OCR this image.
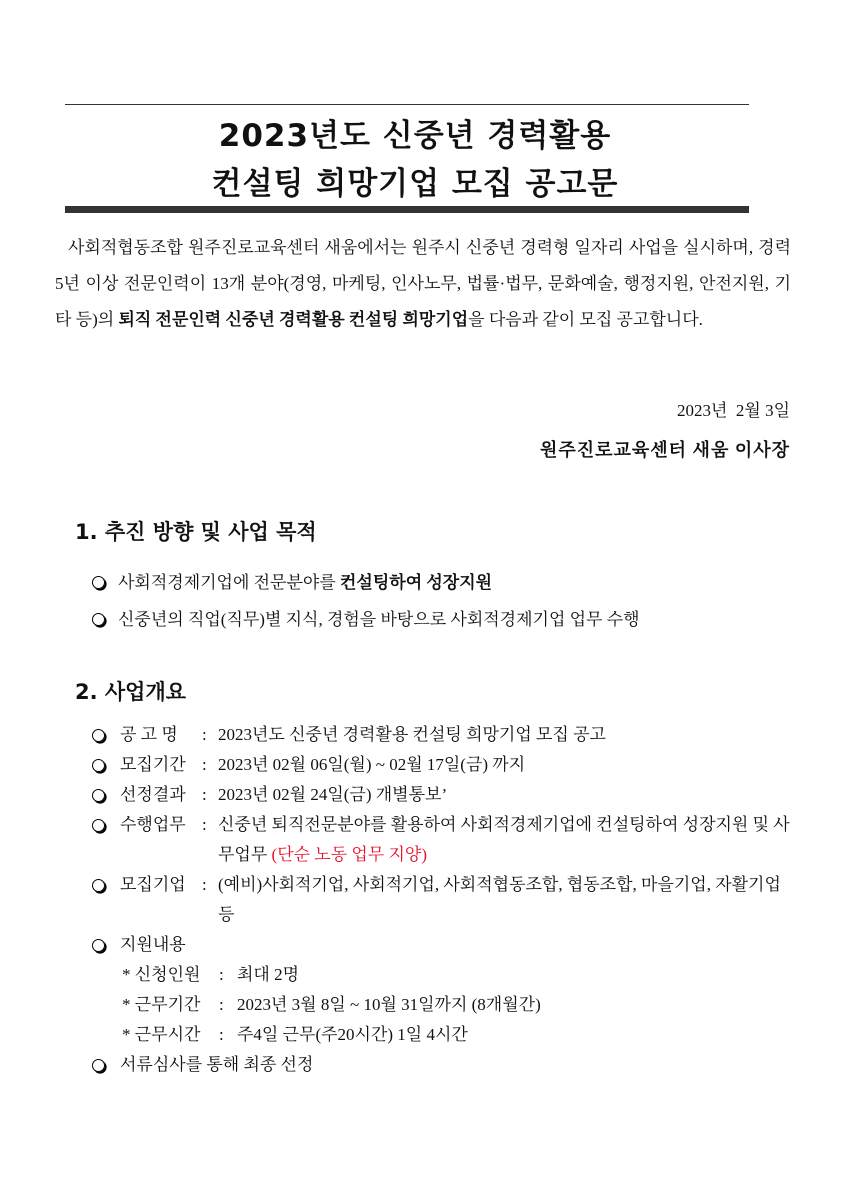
2023년도 신중년 경력활용
컨설팅 희망기업 모집 공고문
사회적협동조합 원주진로교육센터 새움에서는 원주시 신중년 경력형 일자리 사업을 실시하며, 경력 5년 이상 전문인력이 13개 분야(경영, 마케팅, 인사노무, 법률·법무, 문화예술, 행정지원, 안전지원, 기타 등)의 퇴직 전문인력 신중년 경력활용 컨설팅 희망기업을 다음과 같이 모집 공고합니다.
2023년  2월 3일
원주진로교육센터 새움 이사장
1. 추진 방향 및 사업 목적
사회적경제기업에 전문분야를 컨설팅하여 성장지원
신중년의 직업(직무)별 지식, 경험을 바탕으로 사회적경제기업 업무 수행
2. 사업개요
공 고 명	: 2023년도 신중년 경력활용 컨설팅 희망기업 모집 공고
모집기간 : 2023년 02월 06일(월) ~ 02월 17일(금) 까지
선정결과 : 2023년 02월 24일(금) 개별통보’
수행업무 : 신중년 퇴직전문분야를 활용하여 사회적경제기업에 컨설팅하여 성장지원 및 사무업무 (단순 노동 업무 지양)
모집기업 : (예비)사회적기업, 사회적기업, 사회적협동조합, 협동조합, 마을기업, 자활기업 등
지원내용
* 신청인원	: 최대 2명
* 근무기간	: 2023년 3월 8일 ~ 10월 31일까지 (8개월간)
* 근무시간	: 주4일 근무(주20시간) 1일 4시간
서류심사를 통해 최종 선정
